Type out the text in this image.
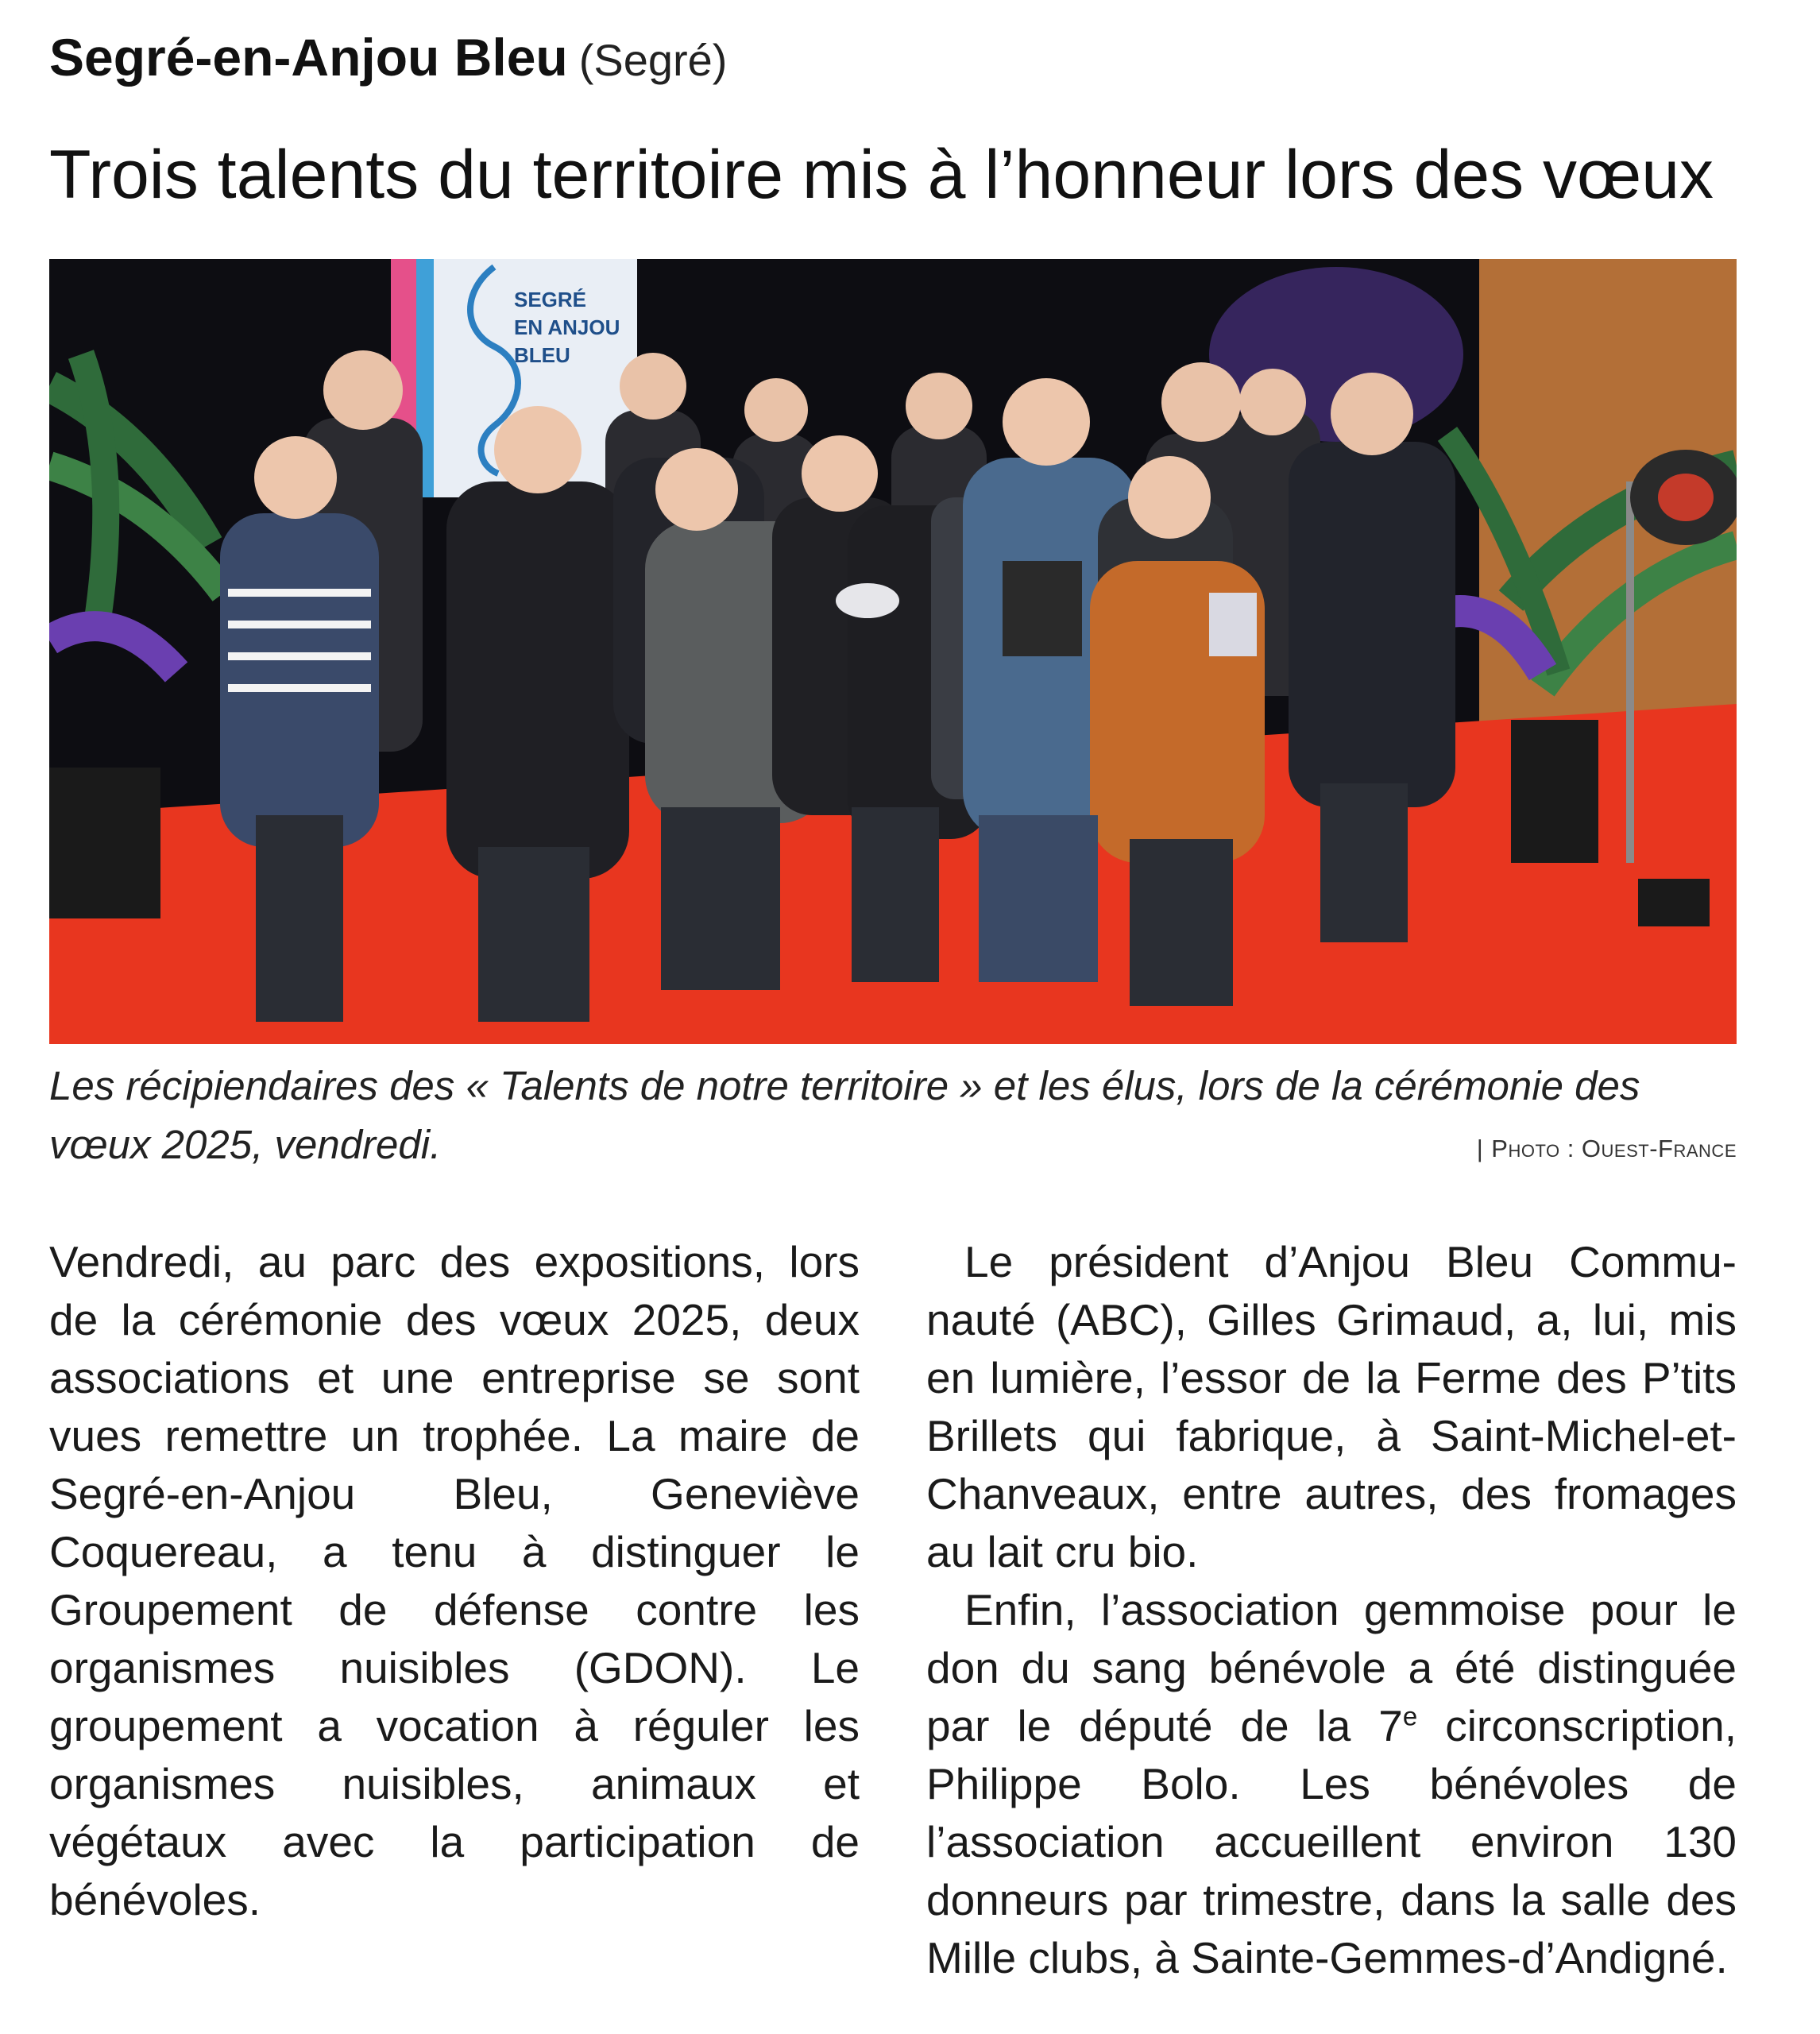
Segré-en-Anjou Bleu (Segré)
Trois talents du territoire mis à l’honneur lors des vœux
SEGRÉ
EN ANJOU
BLEU

Les récipiendaires des « Talents de notre territoire » et les élus, lors de la cérémonie des vœux 2025, vendredi.	| Photo : Ouest-France

Vendredi, au parc des expositions, lors de la cérémonie des vœux 2025, deux associations et une entreprise se sont vues remettre un trophée. La maire de Segré-en-Anjou Bleu, Geneviève Coquereau, a tenu à distinguer le Groupement de défense contre les organismes nuisibles (GDON). Le groupement a vocation à réguler les organismes nuisibles, animaux et végétaux avec la participation de bénévoles.

Le président d’Anjou Bleu Communauté (ABC), Gilles Grimaud, a, lui, mis en lumière, l’essor de la Ferme des P’tits Brillets qui fabrique, à Saint-Michel-et-Chanveaux, entre autres, des fromages au lait cru bio.

Enfin, l’association gemmoise pour le don du sang bénévole a été distinguée par le député de la 7e circonscription, Philippe Bolo. Les bénévoles de l’association accueillent environ 130 donneurs par trimestre, dans la salle des Mille clubs, à Sainte-Gemmes-d’Andigné.
